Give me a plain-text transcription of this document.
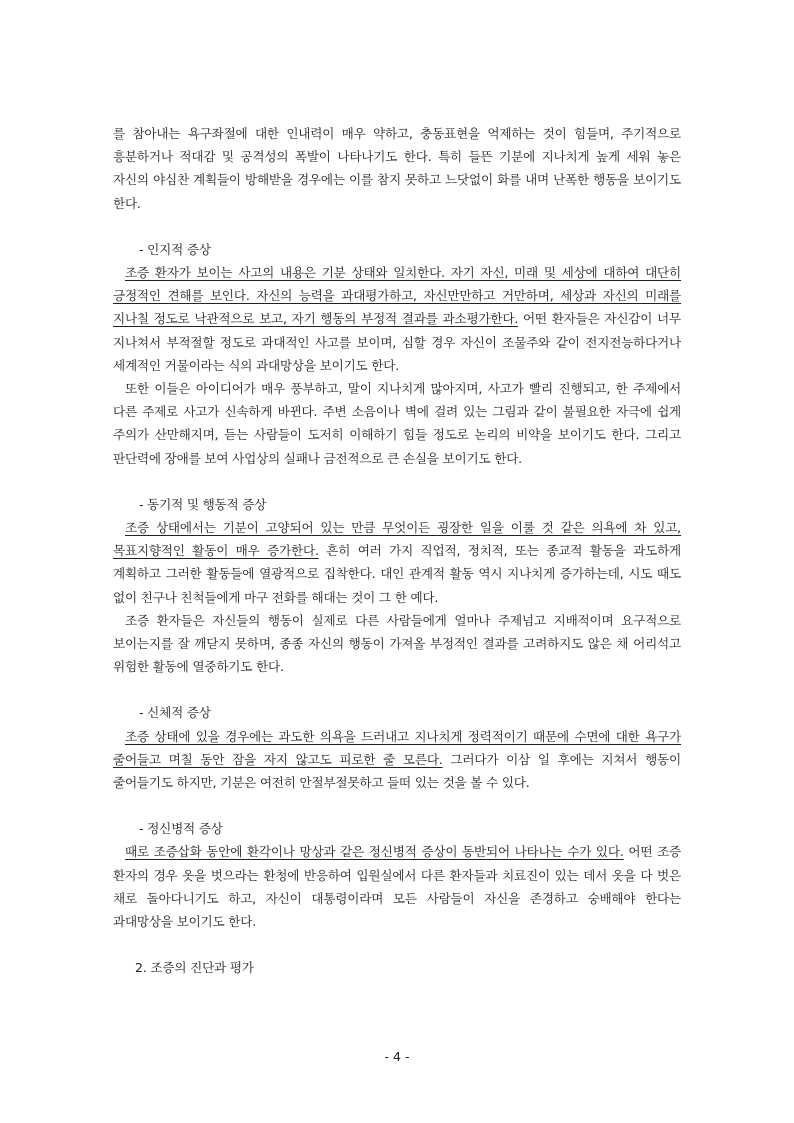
를 참아내는 욕구좌절에 대한 인내력이 매우 약하고, 충동표현을 억제하는 것이 힘들며, 주기적으로 흥분하거나 적대감 및 공격성의 폭발이 나타나기도 한다. 특히 들뜬 기분에 지나치게 높게 세워 놓은 자신의 야심찬 계획들이 방해받을 경우에는 이를 참지 못하고 느닷없이 화를 내며 난폭한 행동을 보이기도 한다.

- 인지적 증상

조증 환자가 보이는 사고의 내용은 기분 상태와 일치한다. 자기 자신, 미래 및 세상에 대하여 대단히 긍정적인 견해를 보인다. 자신의 능력을 과대평가하고, 자신만만하고 거만하며, 세상과 자신의 미래를 지나칠 정도로 낙관적으로 보고, 자기 행동의 부정적 결과를 과소평가한다. 어떤 환자들은 자신감이 너무 지나쳐서 부적절할 정도로 과대적인 사고를 보이며, 심할 경우 자신이 조물주와 같이 전지전능하다거나 세계적인 거물이라는 식의 과대망상을 보이기도 한다.

또한 이들은 아이디어가 매우 풍부하고, 말이 지나치게 많아지며, 사고가 빨리 진행되고, 한 주제에서 다른 주제로 사고가 신속하게 바뀐다. 주변 소음이나 벽에 걸려 있는 그림과 같이 불필요한 자극에 쉽게 주의가 산만해지며, 듣는 사람들이 도저히 이해하기 힘들 정도로 논리의 비약을 보이기도 한다. 그리고 판단력에 장애를 보여 사업상의 실패나 금전적으로 큰 손실을 보이기도 한다.

- 동기적 및 행동적 증상

조증 상태에서는 기분이 고양되어 있는 만큼 무엇이든 굉장한 일을 이룰 것 같은 의욕에 차 있고, 목표지향적인 활동이 매우 증가한다. 흔히 여러 가지 직업적, 정치적, 또는 종교적 활동을 과도하게 계획하고 그러한 활동들에 열광적으로 집착한다. 대인 관계적 활동 역시 지나치게 증가하는데, 시도 때도 없이 친구나 친척들에게 마구 전화를 해대는 것이 그 한 예다.

조증 환자들은 자신들의 행동이 실제로 다른 사람들에게 얼마나 주제넘고 지배적이며 요구적으로 보이는지를 잘 깨닫지 못하며, 종종 자신의 행동이 가져올 부정적인 결과를 고려하지도 않은 채 어리석고 위험한 활동에 열중하기도 한다.

- 신체적 증상

조증 상태에 있을 경우에는 과도한 의욕을 드러내고 지나치게 정력적이기 때문에 수면에 대한 욕구가 줄어들고 며칠 동안 잠을 자지 않고도 피로한 줄 모른다. 그러다가 이삼 일 후에는 지쳐서 행동이 줄어들기도 하지만, 기분은 여전히 안절부절못하고 들떠 있는 것을 볼 수 있다.

- 정신병적 증상

때로 조증삽화 동안에 환각이나 망상과 같은 정신병적 증상이 동반되어 나타나는 수가 있다. 어떤 조증 환자의 경우 옷을 벗으라는 환청에 반응하여 입원실에서 다른 환자들과 치료진이 있는 데서 옷을 다 벗은 채로 돌아다니기도 하고, 자신이 대통령이라며 모든 사람들이 자신을 존경하고 숭배해야 한다는 과대망상을 보이기도 한다.

2. 조증의 진단과 평가

- 4 -
